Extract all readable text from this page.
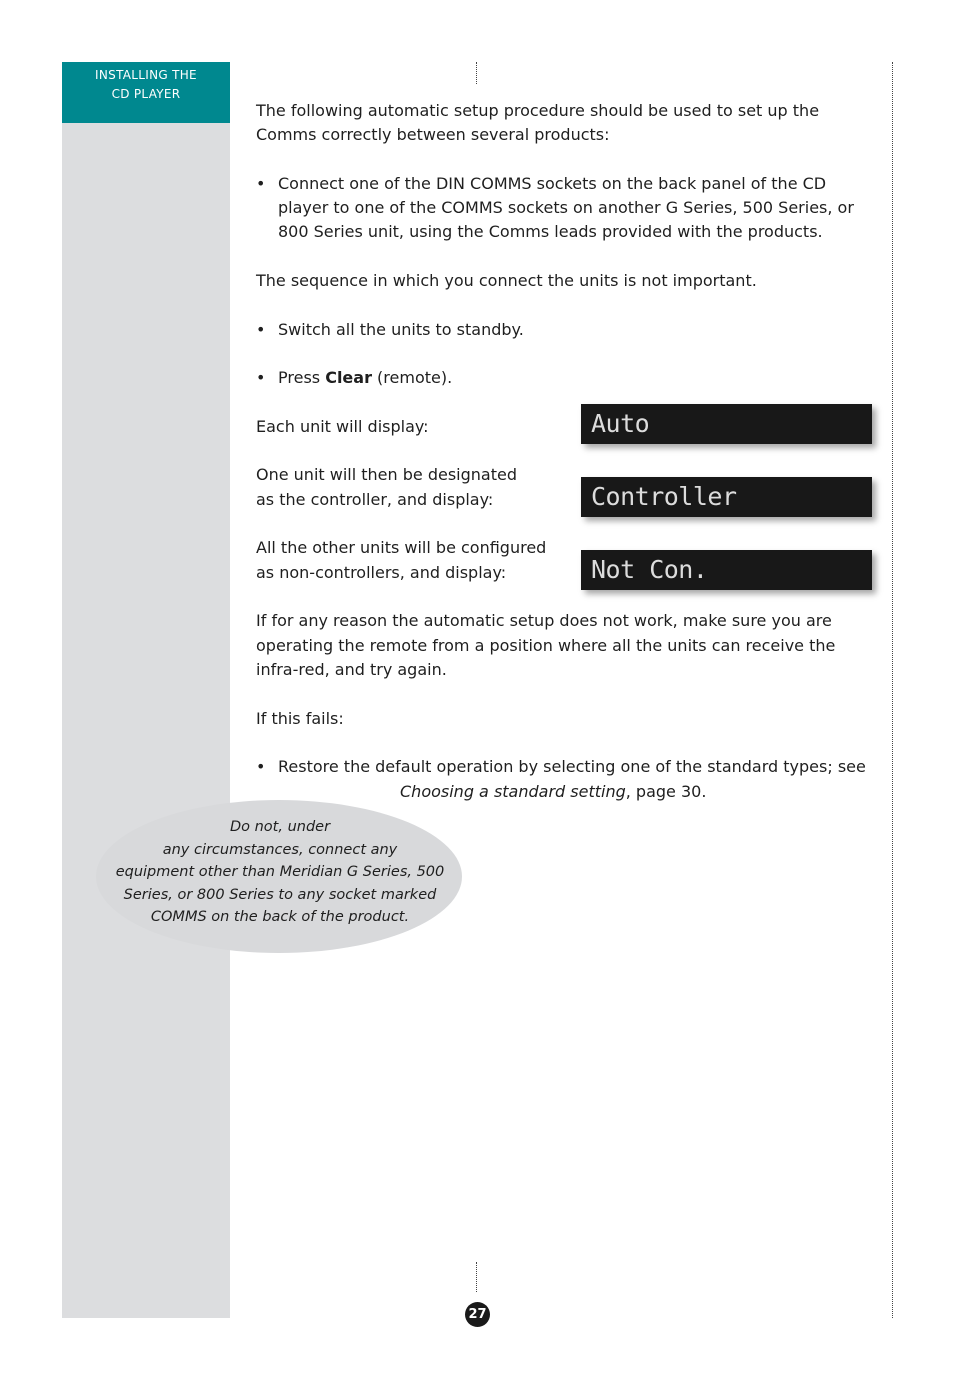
INSTALLING THE
CD PLAYER

The following automatic setup procedure should be used to set up the

Comms correctly between several products:

• Connect one of the DIN COMMS sockets on the back panel of the CD
player to one of the COMMS sockets on another G Series, 500 Series, or
800 Series unit, using the Comms leads provided with the products.

The sequence in which you connect the units is not important.

• Switch all the units to standby.
• Press Clear (remote).

Each unit will display:	Auto

One unit will then be designated

as the controller, and display:	Controller

All the other units will be configured

as non-controllers, and display:	Not Con.

If for any reason the automatic setup does not work, make sure you are

operating the remote from a position where all the units can receive the

infra-red, and try again.

If this fails:

• Restore the default operation by selecting one of the standard types; see

Choosing a standard setting, page 30.

Do not, under
any circumstances, connect any
equipment other than Meridian G Series, 500
Series, or 800 Series to any socket marked
COMMS on the back of the product.
27
